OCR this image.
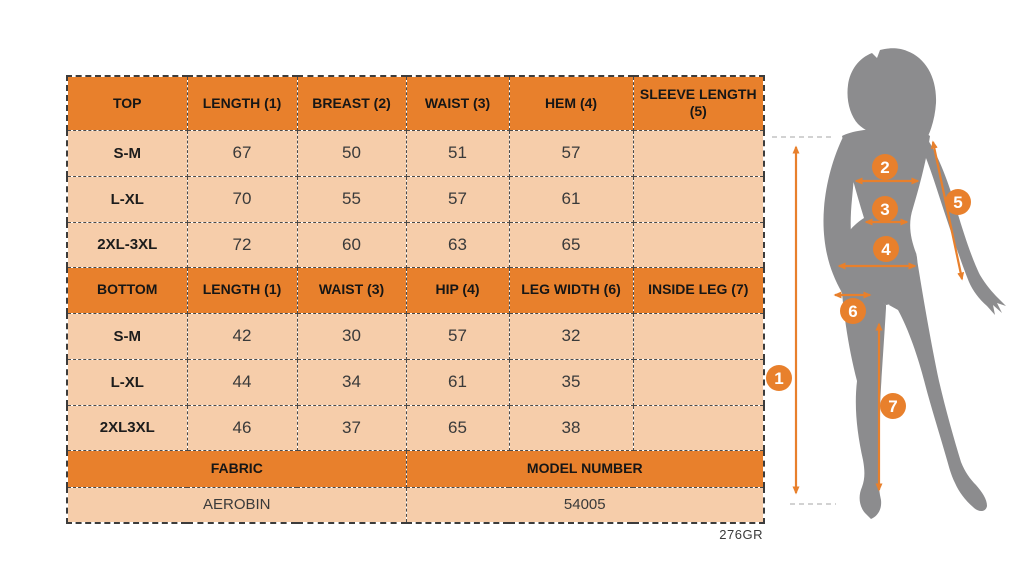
TOP	LENGTH (1)	BREAST (2)	WAIST (3)	HEM (4)	SLEEVE LENGTH (5)
S-M	67	50	51	57	
L-XL	70	55	57	61	
2XL-3XL	72	60	63	65	
BOTTOM	LENGTH (1)	WAIST (3)	HIP (4)	LEG WIDTH (6)	INSIDE LEG (7)
S-M	42	30	57	32	
L-XL	44	34	61	35	
2XL3XL	46	37	65	38	
FABRIC			MODEL NUMBER		
AEROBIN			54005		
276GR
1
2
3
4
5
6
7
